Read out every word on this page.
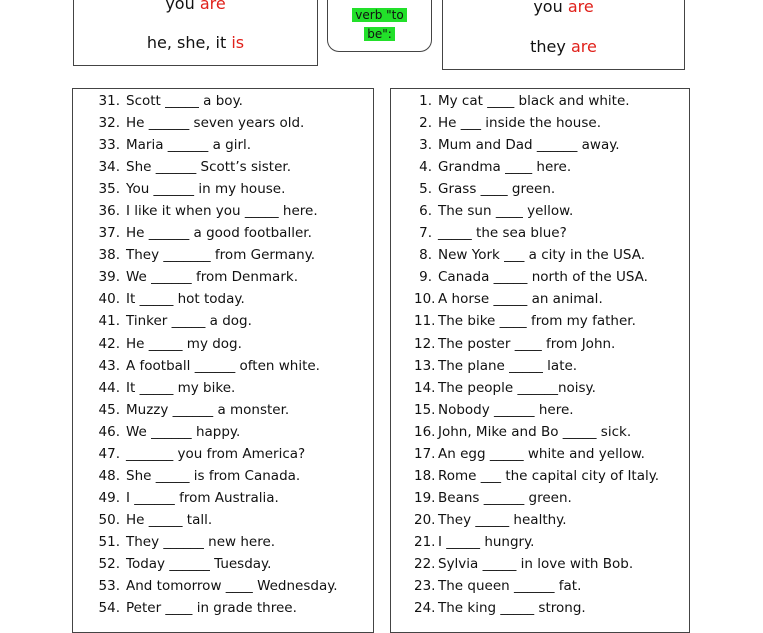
you are
he, she, it is
verb "to
be":
you are
they are
31. Scott _____ a boy.
32. He ______ seven years old.
33. Maria ______ a girl.
34. She ______ Scott’s sister.
35. You ______ in my house.
36. I like it when you _____ here.
37. He ______ a good footballer.
38. They _______ from Germany.
39. We ______ from Denmark.
40. It _____ hot today.
41. Tinker _____ a dog.
42. He _____ my dog.
43. A football ______ often white.
44. It _____ my bike.
45. Muzzy ______ a monster.
46. We ______ happy.
47. _______ you from America?
48. She _____ is from Canada.
49. I ______ from Australia.
50. He _____ tall.
51. They ______ new here.
52. Today ______ Tuesday.
53. And tomorrow ____ Wednesday.
54. Peter ____ in grade three.
1. My cat ____ black and white.
2. He ___ inside the house.
3. Mum and Dad ______ away.
4. Grandma ____ here.
5. Grass ____ green.
6. The sun ____ yellow.
7. _____ the sea blue?
8. New York ___ a city in the USA.
9. Canada _____ north of the USA.
10. A horse _____ an animal.
11. The bike ____ from my father.
12. The poster ____ from John.
13. The plane _____ late.
14. The people ______noisy.
15. Nobody ______ here.
16. John, Mike and Bo _____ sick.
17. An egg _____ white and yellow.
18. Rome ___ the capital city of Italy.
19. Beans ______ green.
20. They _____ healthy.
21. I _____ hungry.
22. Sylvia _____ in love with Bob.
23. The queen ______ fat.
24. The king _____ strong.
